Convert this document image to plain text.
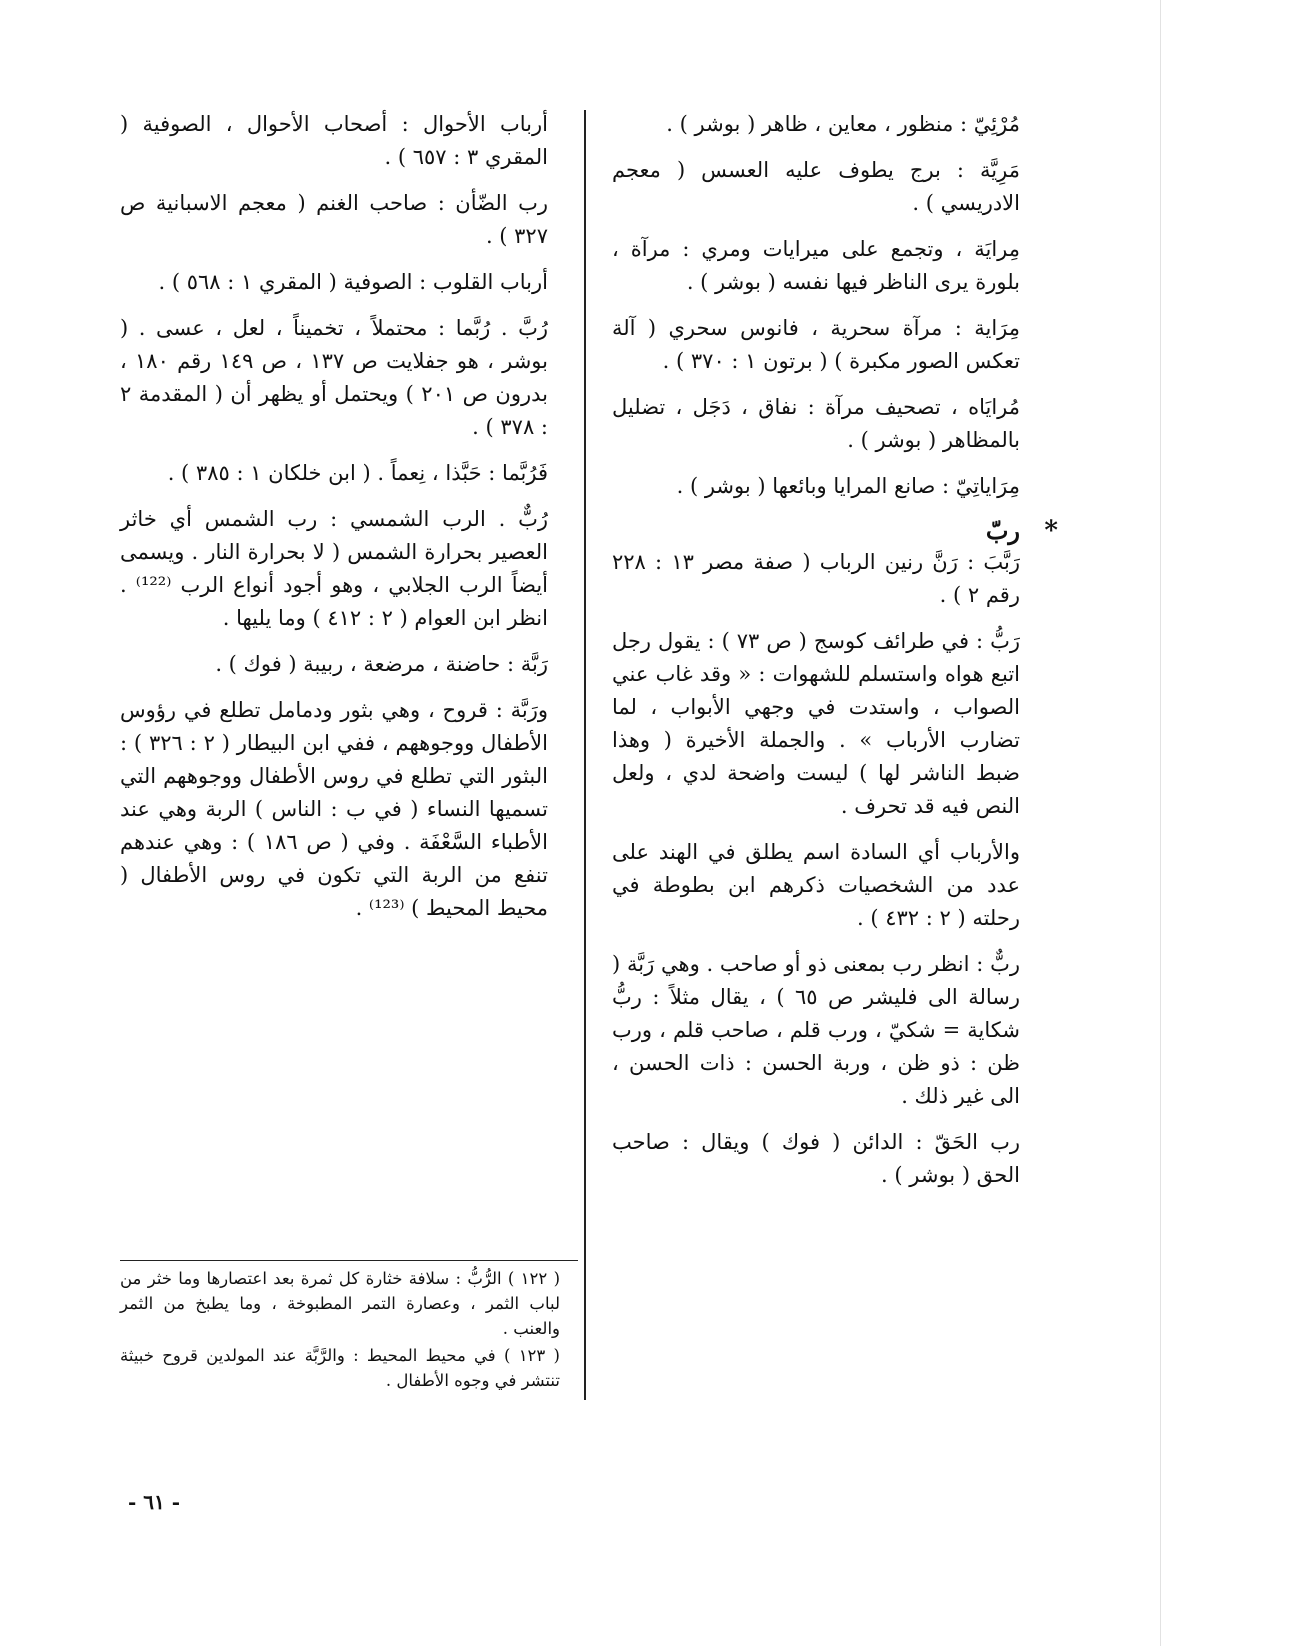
مُرْئِيّ : منظور ، معاين ، ظاهر ( بوشر ) .

مَرِيَّة : برج يطوف عليه العسس ( معجم الادريسي ) .

مِرايَة ، وتجمع على ميرايات ومري : مرآة ، بلورة يرى الناظر فيها نفسه ( بوشر ) .

مِرَاية : مرآة سحرية ، فانوس سحري ( آلة تعكس الصور مكبرة ) ( برتون ١ : ٣٧٠ ) .

مُرايَاه ، تصحيف مرآة : نفاق ، دَجَل ، تضليل بالمظاهر ( بوشر ) .

مِرَاياتِيّ : صانع المرايا وبائعها ( بوشر ) .

*
ربّ

رَبَّبَ : رَنَّ رنين الرباب ( صفة مصر ١٣ : ٢٢٨ رقم ٢ ) .

رَبُّ : في طرائف كوسج ( ص ٧٣ ) : يقول رجل اتبع هواه واستسلم للشهوات : « وقد غاب عني الصواب ، واستدت في وجهي الأبواب ، لما تضارب الأرباب » . والجملة الأخيرة ( وهذا ضبط الناشر لها ) ليست واضحة لدي ، ولعل النص فيه قد تحرف .

والأرباب أي السادة اسم يطلق في الهند على عدد من الشخصيات ذكرهم ابن بطوطة في رحلته ( ٢ : ٤٣٢ ) .

ربٌّ : انظر رب بمعنى ذو أو صاحب . وهي رَبَّة ( رسالة الى فليشر ص ٦٥ ) ، يقال مثلاً : ربُّ شكاية = شكيّ ، ورب قلم ، صاحب قلم ، ورب ظن : ذو ظن ، وربة الحسن : ذات الحسن ، الى غير ذلك .

رب الحَقّ : الدائن ( فوك ) ويقال : صاحب الحق ( بوشر ) .

أرباب الأحوال : أصحاب الأحوال ، الصوفية ( المقري ٣ : ٦٥٧ ) .

رب الضّأن : صاحب الغنم ( معجم الاسبانية ص ٣٢٧ ) .

أرباب القلوب : الصوفية ( المقري ١ : ٥٦٨ ) .

رُبَّ . رُبَّما : محتملاً ، تخميناً ، لعل ، عسى . ( بوشر ، هو جفلايت ص ١٣٧ ، ص ١٤٩ رقم ١٨٠ ، بدرون ص ٢٠١ ) ويحتمل أو يظهر أن ( المقدمة ٢ : ٣٧٨ ) .

فَرُبَّما : حَبَّذا ، نِعماً . ( ابن خلكان ١ : ٣٨٥ ) .

رُبٌّ . الرب الشمسي : رب الشمس أي خاثر العصير بحرارة الشمس ( لا بحرارة النار . ويسمى أيضاً الرب الجلابي ، وهو أجود أنواع الرب ⁽¹²²⁾ . انظر ابن العوام ( ٢ : ٤١٢ ) وما يليها .

رَبَّة : حاضنة ، مرضعة ، ربيبة ( فوك ) .

ورَبَّة : قروح ، وهي بثور ودمامل تطلع في رؤوس الأطفال ووجوههم ، ففي ابن البيطار ( ٢ : ٣٢٦ ) : البثور التي تطلع في روس الأطفال ووجوههم التي تسميها النساء ( في ب : الناس ) الربة وهي عند الأطباء السَّعْفَة . وفي ( ص ١٨٦ ) : وهي عندهم تنفع من الربة التي تكون في روس الأطفال ( محيط المحيط ) ⁽¹²³⁾ .

( ١٢٢ ) الرُّبُّ : سلافة خثارة كل ثمرة بعد اعتصارها وما خثر من لباب الثمر ، وعصارة التمر المطبوخة ، وما يطبخ من الثمر والعنب .

( ١٢٣ ) في محيط المحيط : والرَّبَّة عند المولدين قروح خبيثة تنتشر في وجوه الأطفال .

- ٦١ -
